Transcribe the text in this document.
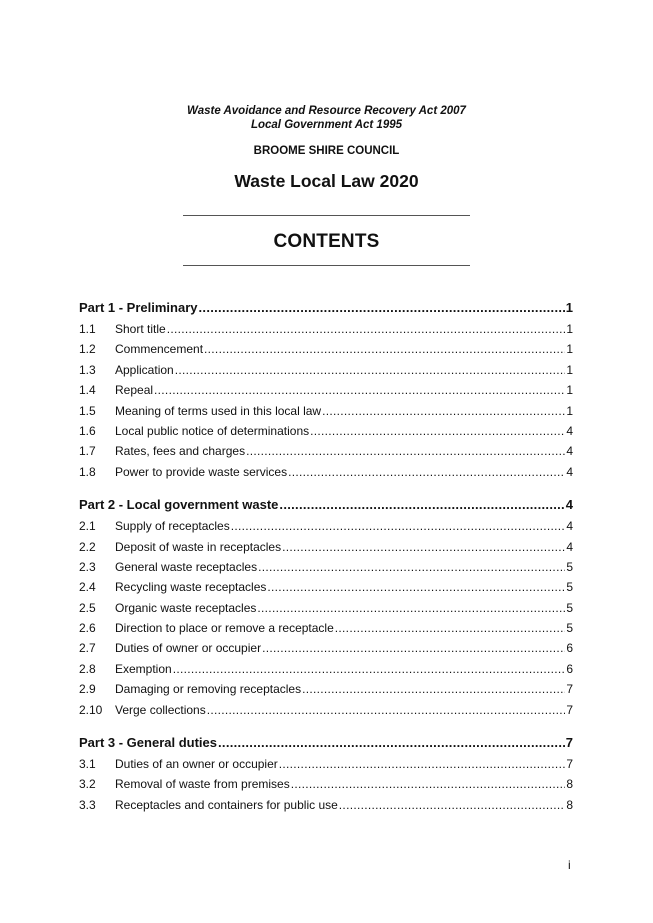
Waste Avoidance and Resource Recovery Act 2007
Local Government Act 1995
BROOME SHIRE COUNCIL
Waste Local Law 2020
CONTENTS
Part 1 - Preliminary .....	1
1.1	Short title .....	1
1.2	Commencement .....	1
1.3	Application .....	1
1.4	Repeal .....	1
1.5	Meaning of terms used in this local law .....	1
1.6	Local public notice of determinations .....	4
1.7	Rates, fees and charges .....	4
1.8	Power to provide waste services .....	4
Part 2 - Local government waste .....	4
2.1	Supply of receptacles .....	4
2.2	Deposit of waste in receptacles .....	4
2.3	General waste receptacles .....	5
2.4	Recycling waste receptacles .....	5
2.5	Organic waste receptacles .....	5
2.6	Direction to place or remove a receptacle .....	5
2.7	Duties of owner or occupier .....	6
2.8	Exemption .....	6
2.9	Damaging or removing receptacles .....	7
2.10	Verge collections .....	7
Part 3 - General duties .....	7
3.1	Duties of an owner or occupier .....	7
3.2	Removal of waste from premises .....	8
3.3	Receptacles and containers for public use .....	8
i
